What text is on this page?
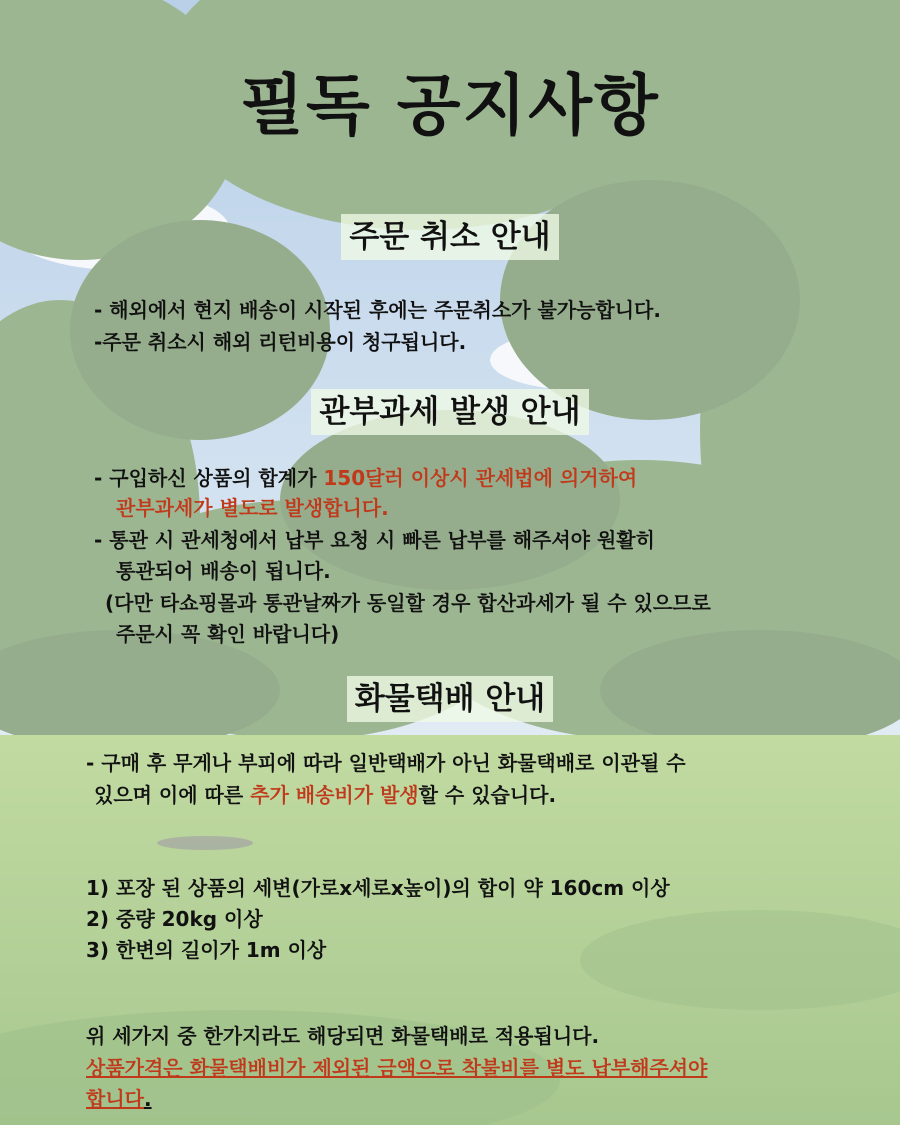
필독 공지사항
주문 취소 안내
- 해외에서 현지 배송이 시작된 후에는 주문취소가 불가능합니다.
-주문 취소시 해외 리턴비용이 청구됩니다.
관부과세 발생 안내
- 구입하신 상품의 합계가 150달러 이상시 관세법에 의거하여
관부과세가 별도로 발생합니다.
- 통관 시 관세청에서 납부 요청 시 빠른 납부를 해주셔야 원활히
통관되어 배송이 됩니다.
(다만 타쇼핑몰과 통관날짜가 동일할 경우 합산과세가 될 수 있으므로
주문시 꼭 확인 바랍니다)
화물택배 안내
- 구매 후 무게나 부피에 따라 일반택배가 아닌 화물택배로 이관될 수
있으며 이에 따른 추가 배송비가 발생할 수 있습니다.
1) 포장 된 상품의 세변(가로x세로x높이)의 합이 약 160cm 이상
2) 중량 20kg 이상
3) 한변의 길이가 1m 이상
위 세가지 중 한가지라도 해당되면 화물택배로 적용됩니다.
상품가격은 화물택배비가 제외된 금액으로 착불비를 별도 납부해주셔야
합니다.
